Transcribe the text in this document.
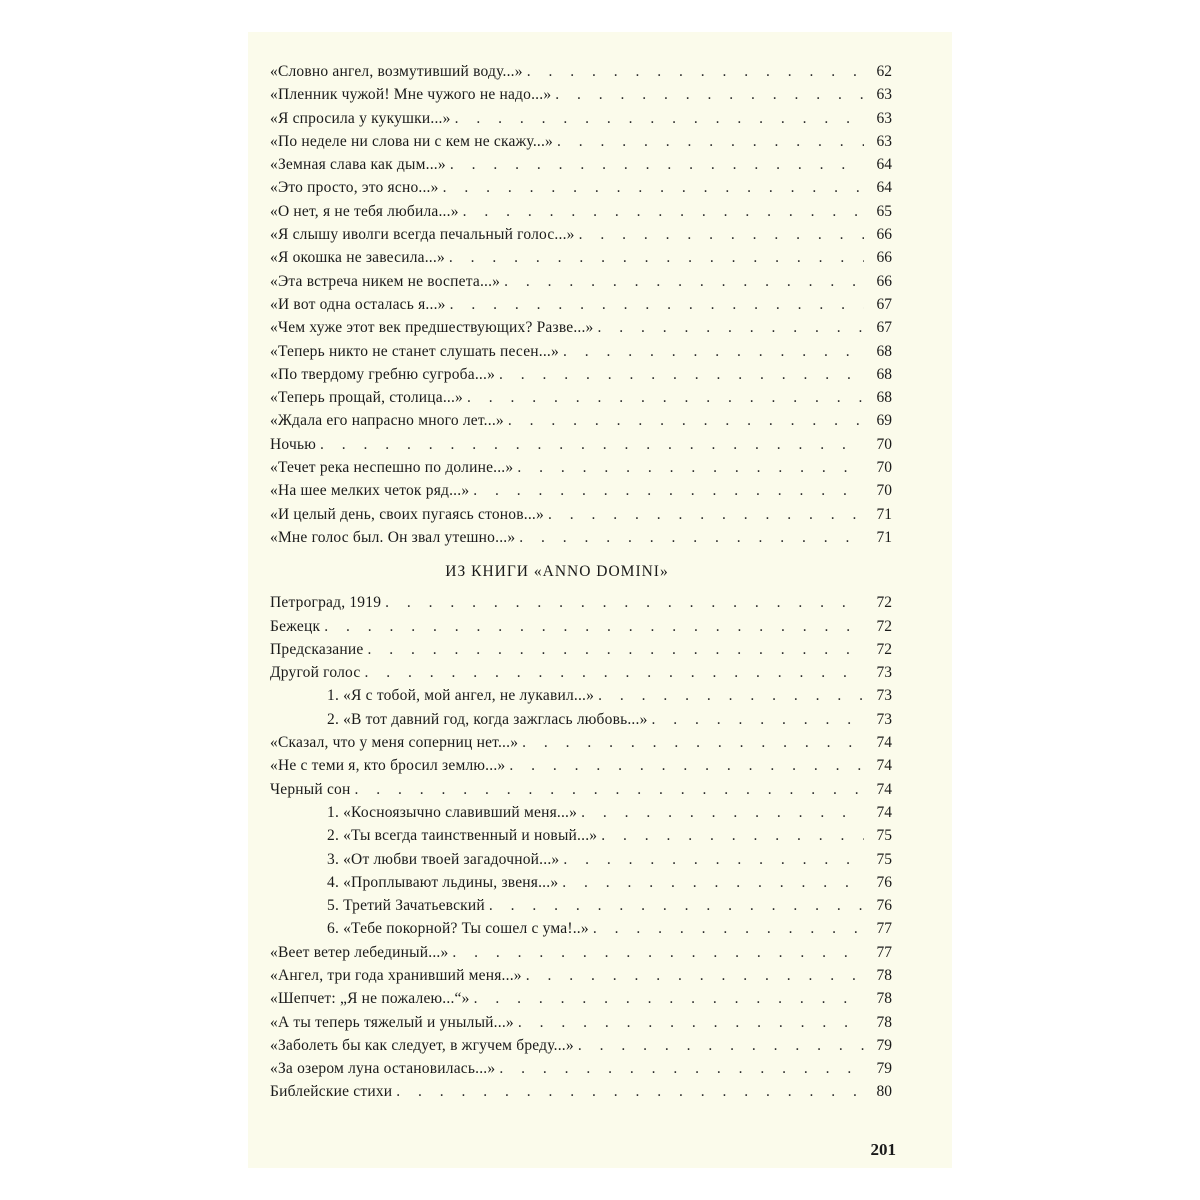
«Словно ангел, возмутивший воду...» . . .	62
«Пленник чужой! Мне чужого не надо...» . . .	63
«Я спросила у кукушки...» . . .	63
«По неделе ни слова ни с кем не скажу...» . . .	63
«Земная слава как дым...» . . .	64
«Это просто, это ясно...» . . .	64
«О нет, я не тебя любила...» . . .	65
«Я слышу иволги всегда печальный голос...» . . .	66
«Я окошка не завесила...» . . .	66
«Эта встреча никем не воспета...» . . .	66
«И вот одна осталась я...» . . .	67
«Чем хуже этот век предшествующих? Разве...» . . .	67
«Теперь никто не станет слушать песен...» . . .	68
«По твердому гребню сугроба...» . . .	68
«Теперь прощай, столица...» . . .	68
«Ждала его напрасно много лет...» . . .	69
Ночью . . .	70
«Течет река неспешно по долине...» . . .	70
«На шее мелких четок ряд...» . . .	70
«И целый день, своих пугаясь стонов...» . . .	71
«Мне голос был. Он звал утешно...» . . .	71
ИЗ КНИГИ «ANNO DOMINI»
Петроград, 1919 . . .	72
Бежецк . . .	72
Предсказание . . .	72
Другой голос . . .	73
1. «Я с тобой, мой ангел, не лукавил...» . . .	73
2. «В тот давний год, когда зажглась любовь...» . . .	73
«Сказал, что у меня соперниц нет...» . . .	74
«Не с теми я, кто бросил землю...» . . .	74
Черный сон . . .	74
1. «Косноязычно славивший меня...» . . .	74
2. «Ты всегда таинственный и новый...» . . .	75
3. «От любви твоей загадочной...» . . .	75
4. «Проплывают льдины, звеня...» . . .	76
5. Третий Зачатьевский . . .	76
6. «Тебе покорной? Ты сошел с ума!..» . . .	77
«Веет ветер лебединый...» . . .	77
«Ангел, три года хранивший меня...» . . .	78
«Шепчет: „Я не пожалею...“» . . .	78
«А ты теперь тяжелый и унылый...» . . .	78
«Заболеть бы как следует, в жгучем бреду...» . . .	79
«За озером луна остановилась...» . . .	79
Библейские стихи . . .	80
201
